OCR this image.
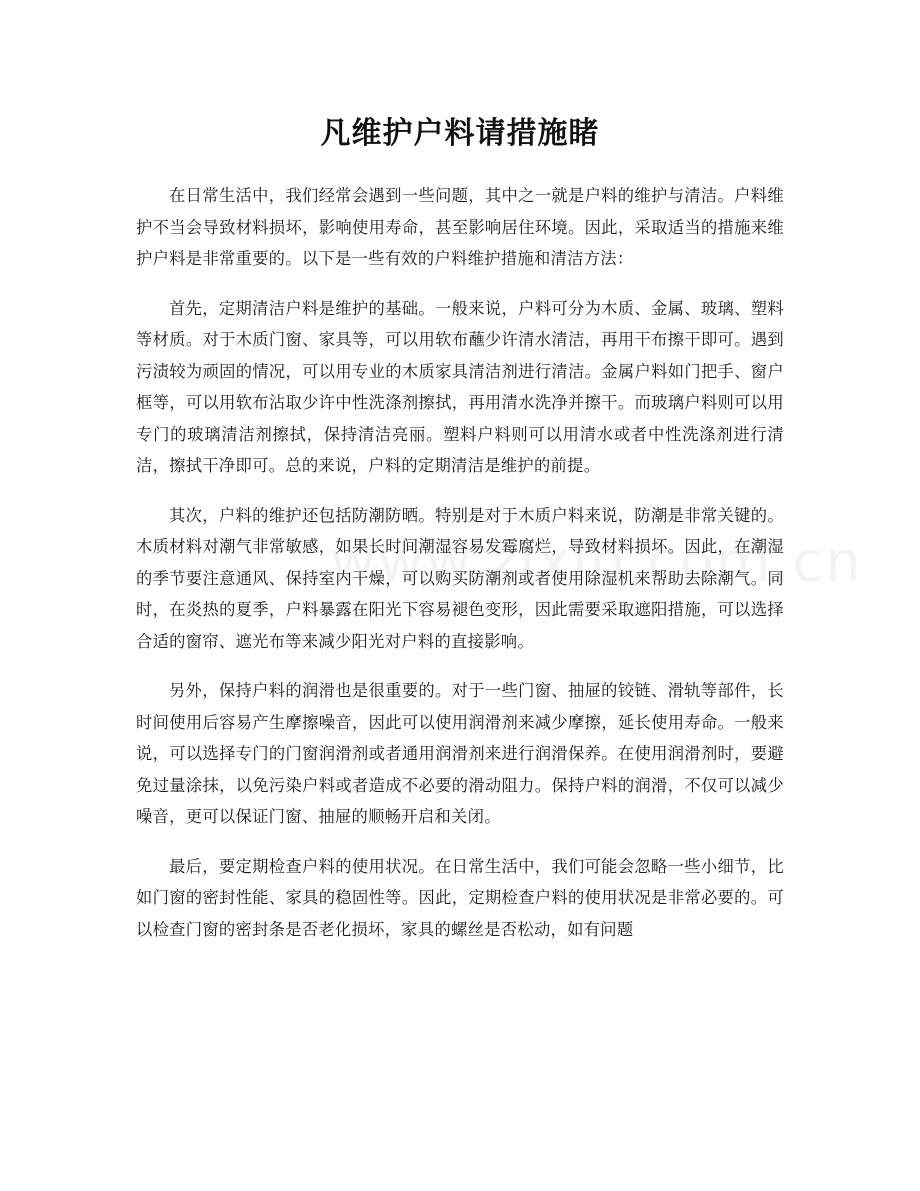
凡维护户料请措施睹

在日常生活中，我们经常会遇到一些问题，其中之一就是户料的维护与清洁。户料维护不当会导致材料损坏，影响使用寿命，甚至影响居住环境。因此，采取适当的措施来维护户料是非常重要的。以下是一些有效的户料维护措施和清洁方法：

首先，定期清洁户料是维护的基础。一般来说，户料可分为木质、金属、玻璃、塑料等材质。对于木质门窗、家具等，可以用软布蘸少许清水清洁，再用干布擦干即可。遇到污渍较为顽固的情况，可以用专业的木质家具清洁剂进行清洁。金属户料如门把手、窗户框等，可以用软布沾取少许中性洗涤剂擦拭，再用清水洗净并擦干。而玻璃户料则可以用专门的玻璃清洁剂擦拭，保持清洁亮丽。塑料户料则可以用清水或者中性洗涤剂进行清洁，擦拭干净即可。总的来说，户料的定期清洁是维护的前提。

其次，户料的维护还包括防潮防晒。特别是对于木质户料来说，防潮是非常关键的。木质材料对潮气非常敏感，如果长时间潮湿容易发霉腐烂，导致材料损坏。因此，在潮湿的季节要注意通风、保持室内干燥，可以购买防潮剂或者使用除湿机来帮助去除潮气。同时，在炎热的夏季，户料暴露在阳光下容易褪色变形，因此需要采取遮阳措施，可以选择合适的窗帘、遮光布等来减少阳光对户料的直接影响。

另外，保持户料的润滑也是很重要的。对于一些门窗、抽屉的铰链、滑轨等部件，长时间使用后容易产生摩擦噪音，因此可以使用润滑剂来减少摩擦，延长使用寿命。一般来说，可以选择专门的门窗润滑剂或者通用润滑剂来进行润滑保养。在使用润滑剂时，要避免过量涂抹，以免污染户料或者造成不必要的滑动阻力。保持户料的润滑，不仅可以减少噪音，更可以保证门窗、抽屉的顺畅开启和关闭。

最后，要定期检查户料的使用状况。在日常生活中，我们可能会忽略一些小细节，比如门窗的密封性能、家具的稳固性等。因此，定期检查户料的使用状况是非常必要的。可以检查门窗的密封条是否老化损坏，家具的螺丝是否松动，如有问题
